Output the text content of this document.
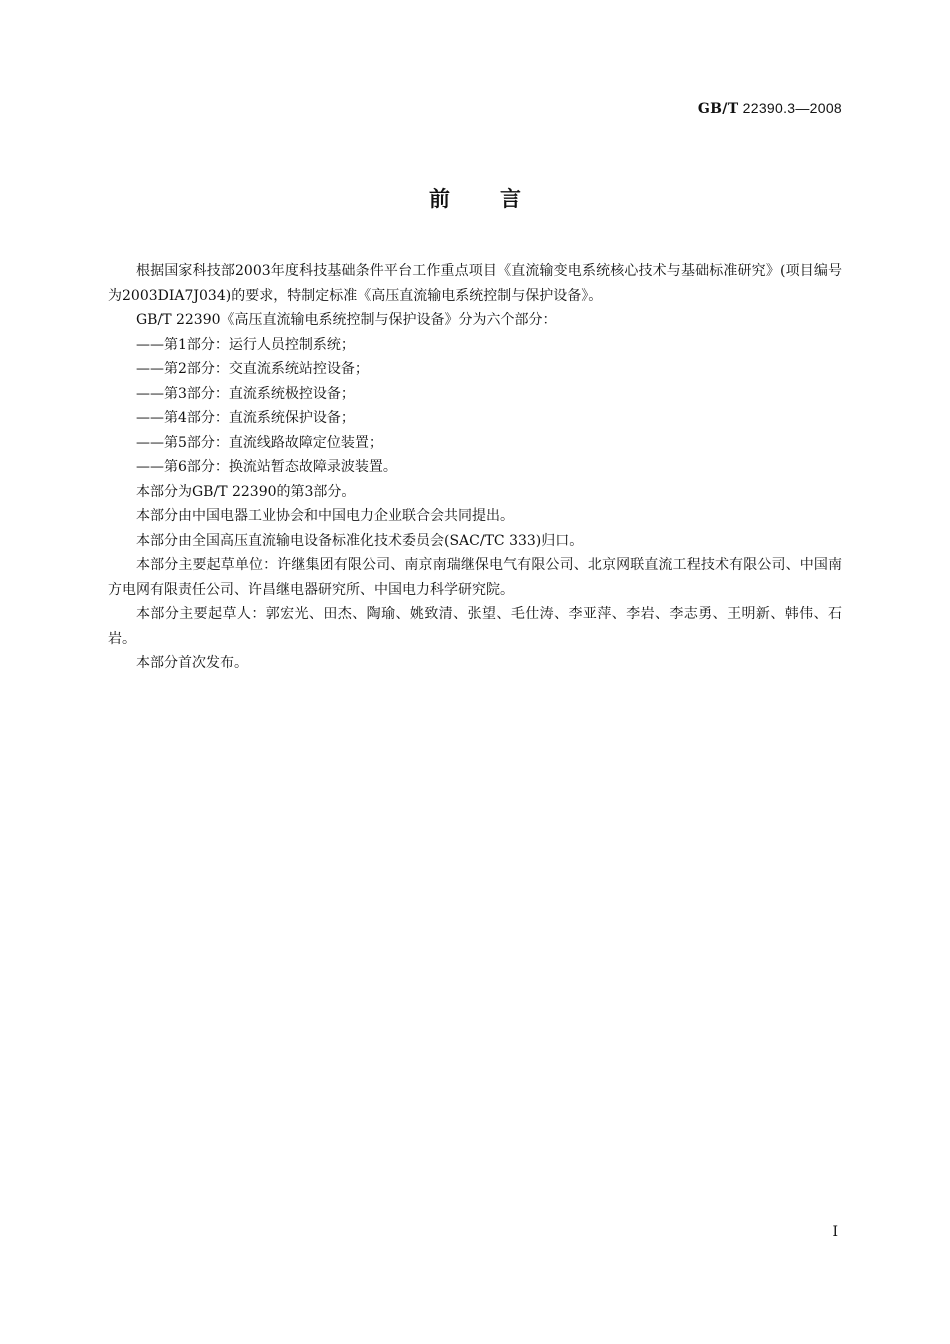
GB/T 22390.3—2008
前言

根据国家科技部2003年度科技基础条件平台工作重点项目《直流输变电系统核心技术与基础标准研究》(项目编号为2003DIA7J034)的要求，特制定标准《高压直流输电系统控制与保护设备》。

GB/T 22390《高压直流输电系统控制与保护设备》分为六个部分：

——第1部分：运行人员控制系统；

——第2部分：交直流系统站控设备；

——第3部分：直流系统极控设备；

——第4部分：直流系统保护设备；

——第5部分：直流线路故障定位装置；

——第6部分：换流站暂态故障录波装置。

本部分为GB/T 22390的第3部分。

本部分由中国电器工业协会和中国电力企业联合会共同提出。

本部分由全国高压直流输电设备标准化技术委员会(SAC/TC 333)归口。

本部分主要起草单位：许继集团有限公司、南京南瑞继保电气有限公司、北京网联直流工程技术有限公司、中国南方电网有限责任公司、许昌继电器研究所、中国电力科学研究院。

本部分主要起草人：郭宏光、田杰、陶瑜、姚致清、张望、毛仕涛、李亚萍、李岩、李志勇、王明新、韩伟、石岩。

本部分首次发布。

I
